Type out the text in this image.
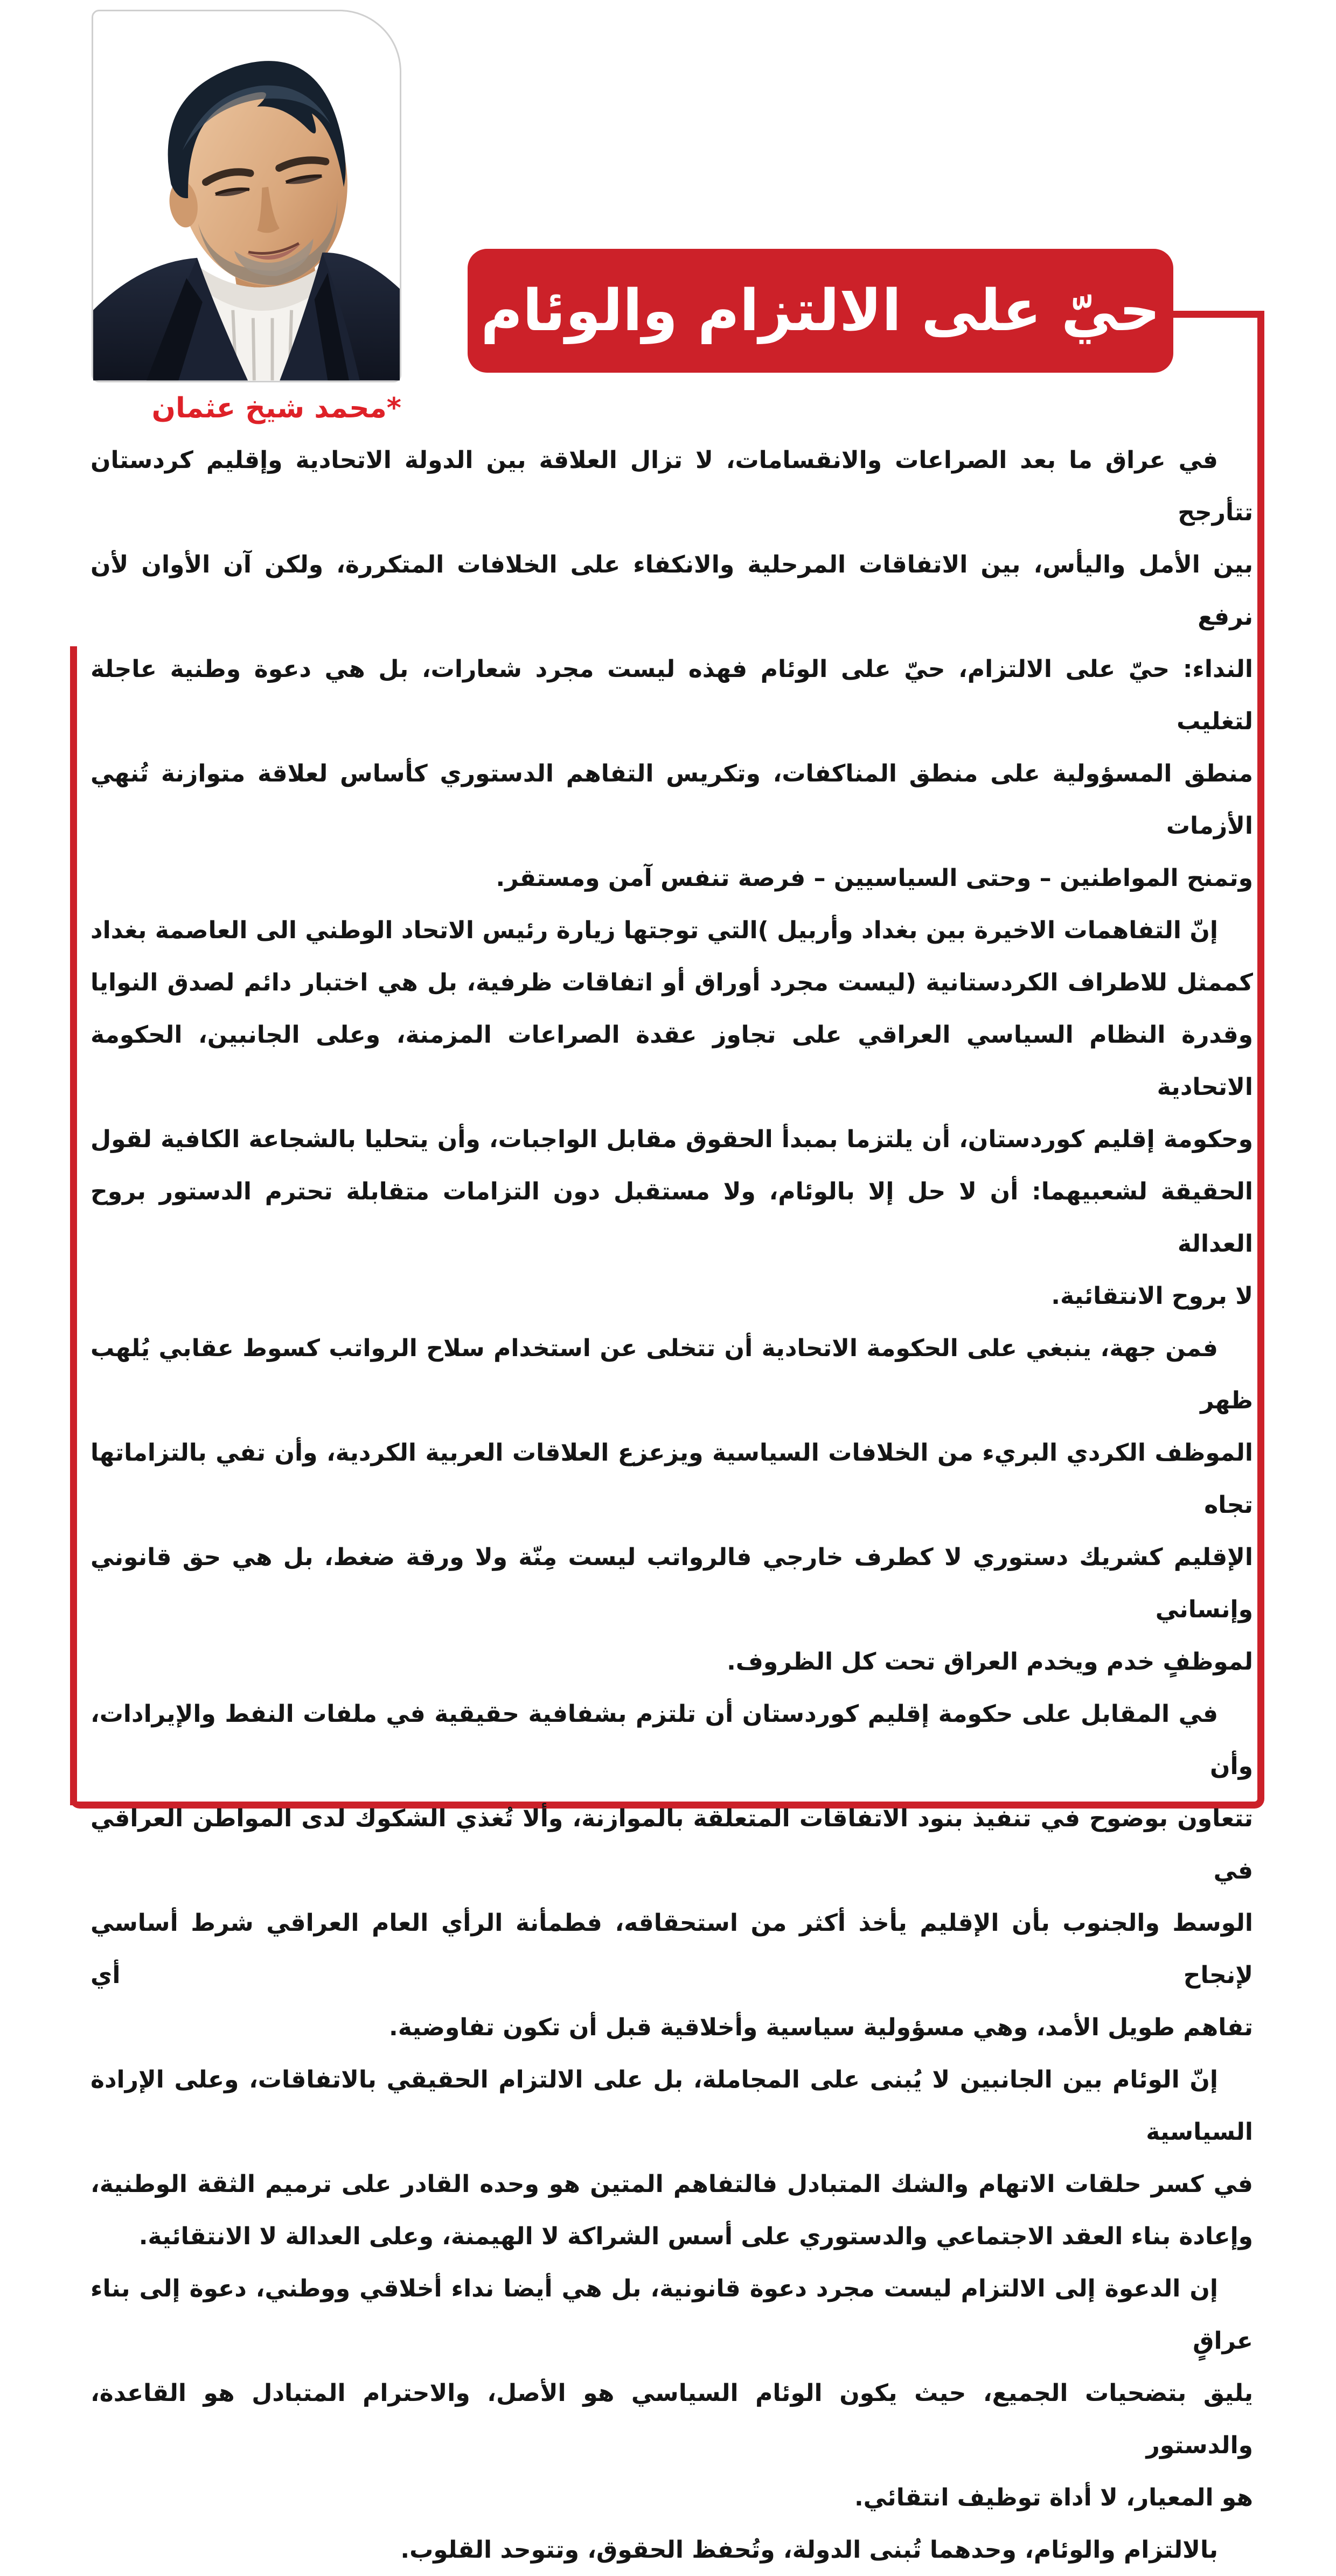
*محمد شيخ عثمان
حيّ على الالتزام والوئام
في عراق ما بعد الصراعات والانقسامات، لا تزال العلاقة بين الدولة الاتحادية وإقليم كردستان تتأرجح
بين الأمل واليأس، بين الاتفاقات المرحلية والانكفاء على الخلافات المتكررة، ولكن آن الأوان لأن نرفع
النداء: حيّ على الالتزام، حيّ على الوئام فهذه ليست مجرد شعارات، بل هي دعوة وطنية عاجلة لتغليب
منطق المسؤولية على منطق المناكفات، وتكريس التفاهم الدستوري كأساس لعلاقة متوازنة تُنهي الأزمات
وتمنح المواطنين – وحتى السياسيين – فرصة تنفس آمن ومستقر.
إنّ التفاهمات الاخيرة بين بغداد وأربيل )التي توجتها زيارة رئيس الاتحاد الوطني الى العاصمة بغداد
كممثل للاطراف الكردستانية (ليست مجرد أوراق أو اتفاقات ظرفية، بل هي اختبار دائم لصدق النوايا
وقدرة النظام السياسي العراقي على تجاوز عقدة الصراعات المزمنة، وعلى الجانبين، الحكومة الاتحادية
وحكومة إقليم كوردستان، أن يلتزما بمبدأ الحقوق مقابل الواجبات، وأن يتحليا بالشجاعة الكافية لقول
الحقيقة لشعبيهما: أن لا حل إلا بالوئام، ولا مستقبل دون التزامات متقابلة تحترم الدستور بروح العدالة
لا بروح الانتقائية.
فمن جهة، ينبغي على الحكومة الاتحادية أن تتخلى عن استخدام سلاح الرواتب كسوط عقابي يُلهب ظهر
الموظف الكردي البريء من الخلافات السياسية ويزعزع العلاقات العربية الكردية، وأن تفي بالتزاماتها تجاه
الإقليم كشريك دستوري لا كطرف خارجي فالرواتب ليست مِنّة ولا ورقة ضغط، بل هي حق قانوني وإنساني
لموظفٍ خدم ويخدم العراق تحت كل الظروف.
في المقابل على حكومة إقليم كوردستان أن تلتزم بشفافية حقيقية في ملفات النفط والإيرادات، وأن
تتعاون بوضوح في تنفيذ بنود الاتفاقات المتعلقة بالموازنة، وألا تُغذي الشكوك لدى المواطن العراقي في
الوسط والجنوب بأن الإقليم يأخذ أكثر من استحقاقه، فطمأنة الرأي العام العراقي شرط أساسي لإنجاح أي
تفاهم طويل الأمد، وهي مسؤولية سياسية وأخلاقية قبل أن تكون تفاوضية.
إنّ الوئام بين الجانبين لا يُبنى على المجاملة، بل على الالتزام الحقيقي بالاتفاقات، وعلى الإرادة السياسية
في كسر حلقات الاتهام والشك المتبادل فالتفاهم المتين هو وحده القادر على ترميم الثقة الوطنية،
وإعادة بناء العقد الاجتماعي والدستوري على أسس الشراكة لا الهيمنة، وعلى العدالة لا الانتقائية.
إن الدعوة إلى الالتزام ليست مجرد دعوة قانونية، بل هي أيضا نداء أخلاقي ووطني، دعوة إلى بناء عراقٍ
يليق بتضحيات الجميع، حيث يكون الوئام السياسي هو الأصل، والاحترام المتبادل هو القاعدة، والدستور
هو المعيار، لا أداة توظيف انتقائي.
بالالتزام والوئام، وحدهما تُبنى الدولة، وتُحفظ الحقوق، وتتوحد القلوب.
